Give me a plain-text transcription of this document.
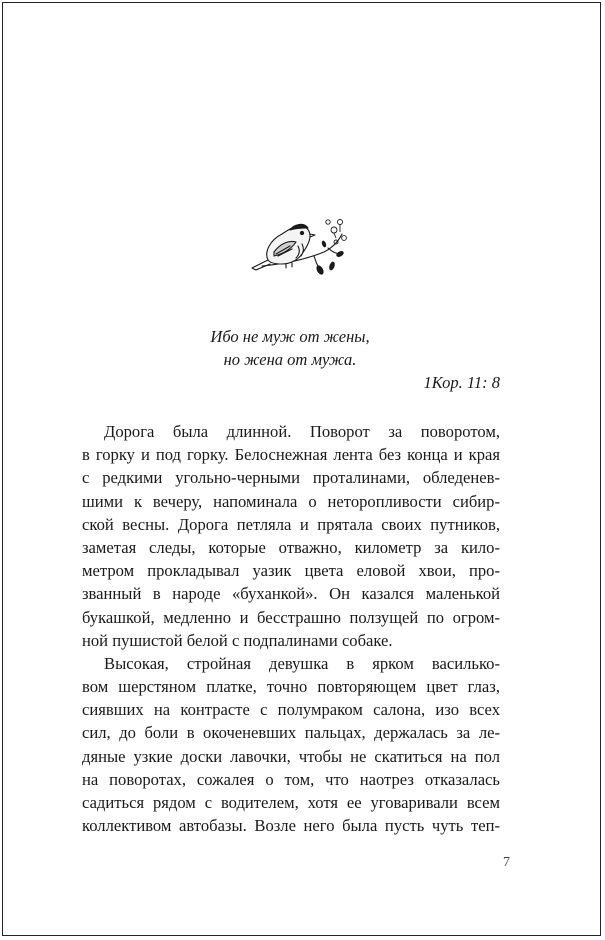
Ибо не муж от жены,
но жена от мужа.
1Кор. 11: 8
Дорога была длинной. Поворот за поворотом,
в горку и под горку. Белоснежная лента без конца и края
с редкими угольно-черными проталинами, обледенев-
шими к вечеру, напоминала о неторопливости сибир-
ской весны. Дорога петляла и прятала своих путников,
заметая следы, которые отважно, километр за кило-
метром прокладывал уазик цвета еловой хвои, про-
званный в народе «буханкой». Он казался маленькой
букашкой, медленно и бесстрашно ползущей по огром-
ной пушистой белой с подпалинами собаке.
Высокая, стройная девушка в ярком василько-
вом шерстяном платке, точно повторяющем цвет глаз,
сиявших на контрасте с полумраком салона, изо всех
сил, до боли в окоченевших пальцах, держалась за ле-
дяные узкие доски лавочки, чтобы не скатиться на пол
на поворотах, сожалея о том, что наотрез отказалась
садиться рядом с водителем, хотя ее уговаривали всем
коллективом автобазы. Возле него была пусть чуть теп-
7
